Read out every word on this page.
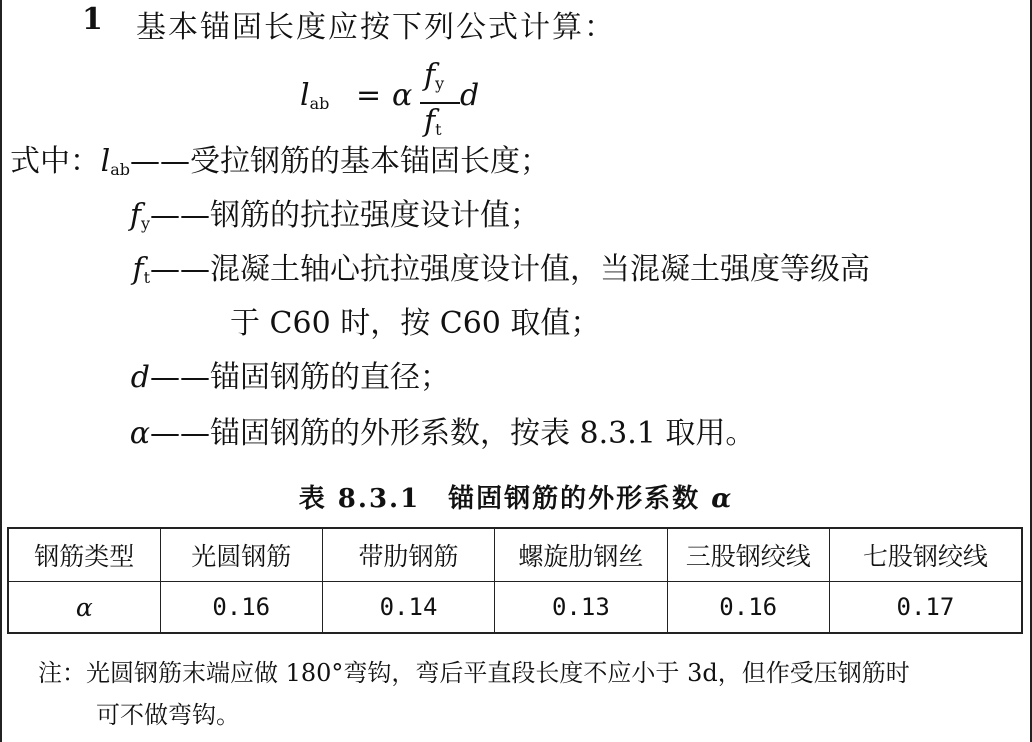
1 基本锚固长度应按下列公式计算：
$l_{ab} = \alpha$
$f_y$
$f_t$
d
式中：$l_{ab}——$受拉钢筋的基本锚固长度；
$f_y——$钢筋的抗拉强度设计值；
$f_t——$混凝土轴心抗拉强度设计值，当混凝土强度等级高
于 C60 时，按 C60 取值；
d——锚固钢筋的直径；
α——锚固钢筋的外形系数，按表 8.3.1 取用。
表 8.3.1　锚固钢筋的外形系数 α
钢筋类型	光圆钢筋	带肋钢筋	螺旋肋钢丝	三股钢绞线	七股钢绞线
α	0.16	0.14	0.13	0.16	0.17
注：光圆钢筋末端应做 180°弯钩，弯后平直段长度不应小于 3d，但作受压钢筋时
可不做弯钩。
